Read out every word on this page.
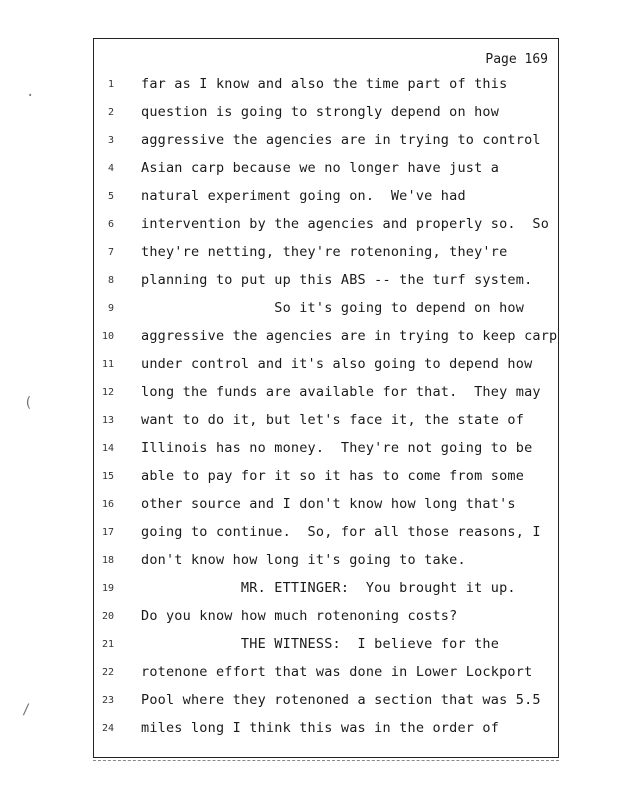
Page 169
1 far as I know and also the time part of this
2 question is going to strongly depend on how
3 aggressive the agencies are in trying to control
4 Asian carp because we no longer have just a
5 natural experiment going on.  We've had
6 intervention by the agencies and properly so.  So
7 they're netting, they're rotenoning, they're
8 planning to put up this ABS -- the turf system.
9 So it's going to depend on how
10 aggressive the agencies are in trying to keep carp
11 under control and it's also going to depend how
12 long the funds are available for that.  They may
13 want to do it, but let's face it, the state of
14 Illinois has no money.  They're not going to be
15 able to pay for it so it has to come from some
16 other source and I don't know how long that's
17 going to continue.  So, for all those reasons, I
18 don't know how long it's going to take.
19 MR. ETTINGER:  You brought it up.
20 Do you know how much rotenoning costs?
21 THE WITNESS:  I believe for the
22 rotenone effort that was done in Lower Lockport
23 Pool where they rotenoned a section that was 5.5
24 miles long I think this was in the order of
·
(
/
